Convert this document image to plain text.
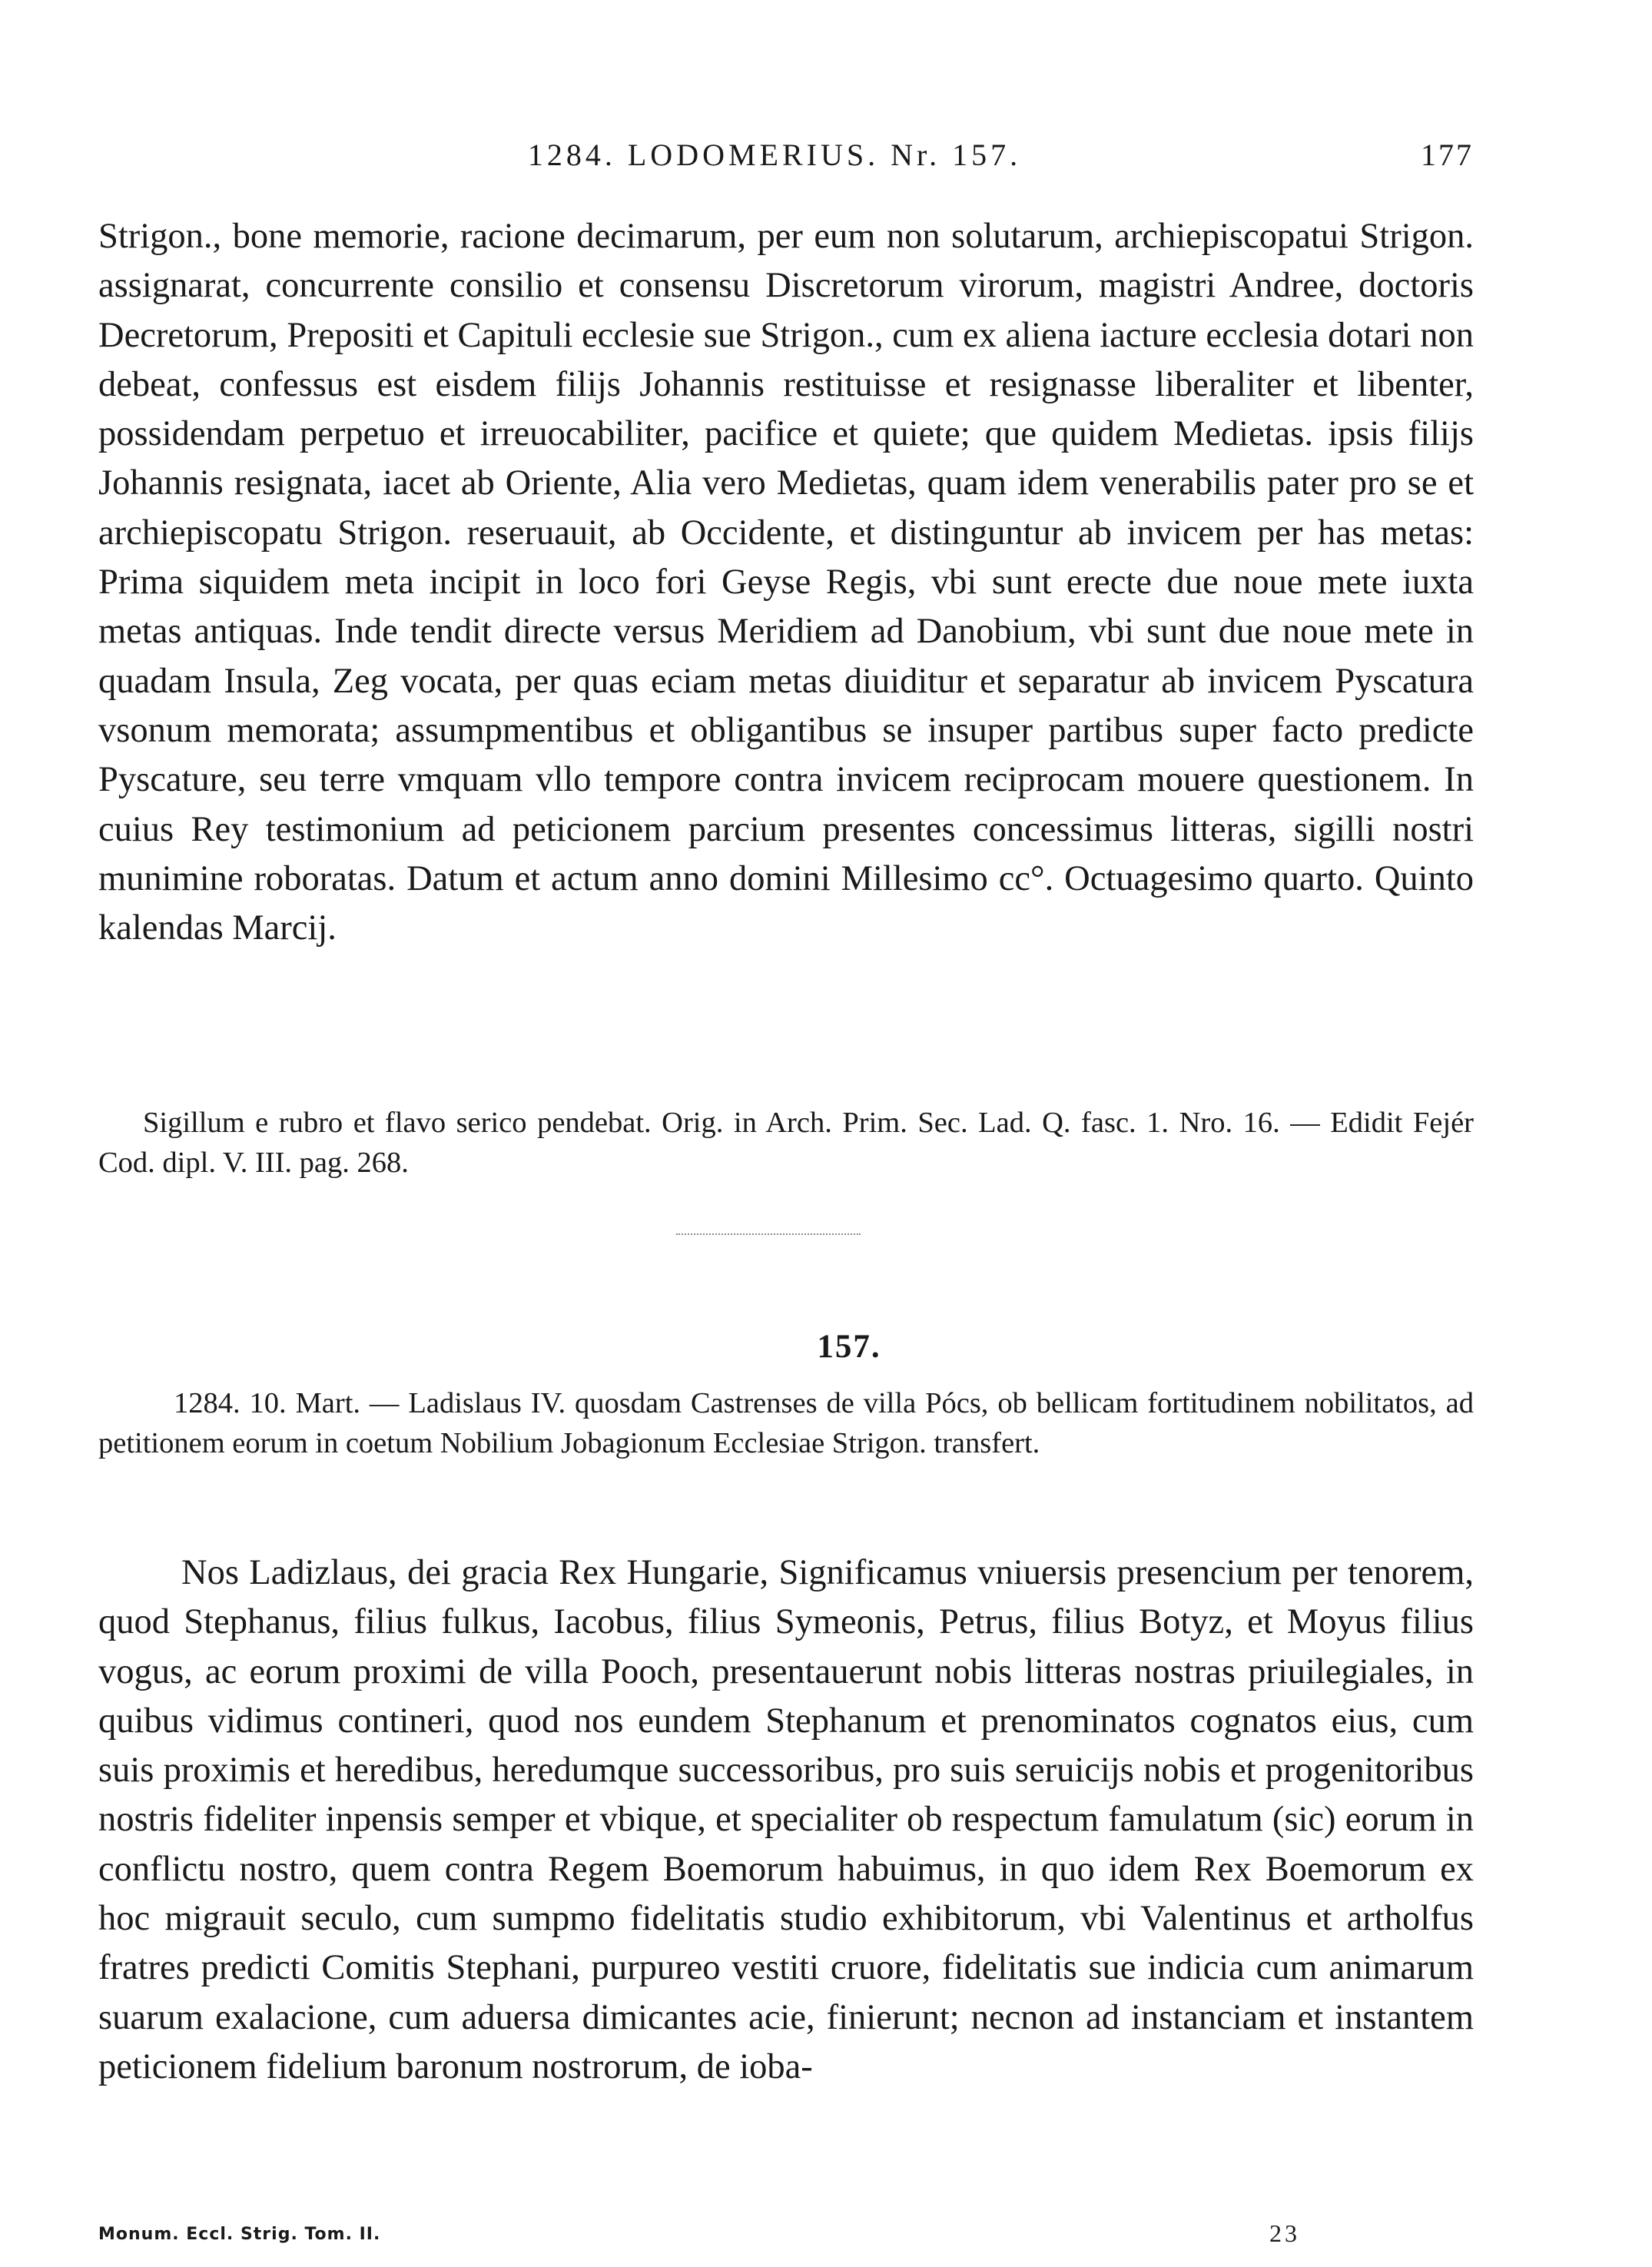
1284. LODOMERIUS. Nr. 157.	177

Strigon., bone memorie, racione decimarum, per eum non solutarum, archiepiscopatui Strigon. assignarat, concurrente consilio et consensu Discretorum virorum, magistri Andree, doctoris Decretorum, Prepositi et Capituli ecclesie sue Strigon., cum ex aliena iacture ecclesia dotari non debeat, confessus est eisdem filijs Johannis restituisse et resignasse liberaliter et libenter, possidendam perpetuo et irreuocabiliter, pacifice et quiete; que quidem Medietas. ipsis filijs Johannis resignata, iacet ab Oriente, Alia vero Medietas, quam idem venerabilis pater pro se et archiepiscopatu Strigon. reseruauit, ab Occidente, et distinguntur ab invicem per has metas: Prima siquidem meta incipit in loco fori Geyse Regis, vbi sunt erecte due noue mete iuxta metas antiquas. Inde tendit directe versus Meridiem ad Danobium, vbi sunt due noue mete in quadam Insula, Zeg vocata, per quas eciam metas diuiditur et separatur ab invicem Pyscatura vsonum memorata; assumpmentibus et obligantibus se insuper partibus super facto predicte Pyscature, seu terre vmquam vllo tempore contra invicem reciprocam mouere questionem. In cuius Rey testimonium ad peticionem parcium presentes concessimus litteras, sigilli nostri munimine roboratas. Datum et actum anno domini Millesimo cc°. Octuagesimo quarto. Quinto kalendas Marcij.

Sigillum e rubro et flavo serico pendebat. Orig. in Arch. Prim. Sec. Lad. Q. fasc. 1. Nro. 16. — Edidit Fejér Cod. dipl. V. III. pag. 268.
157.
1284. 10. Mart. — Ladislaus IV. quosdam Castrenses de villa Pócs, ob bellicam fortitudinem nobilitatos, ad petitionem eorum in coetum Nobilium Jobagionum Ecclesiae Strigon. transfert.

Nos Ladizlaus, dei gracia Rex Hungarie, Significamus vniuersis presencium per tenorem, quod Stephanus, filius fulkus, Iacobus, filius Symeonis, Petrus, filius Botyz, et Moyus filius vogus, ac eorum proximi de villa Pooch, presentauerunt nobis litteras nostras priuilegiales, in quibus vidimus contineri, quod nos eundem Stephanum et prenominatos cognatos eius, cum suis proximis et heredibus, heredumque successoribus, pro suis seruicijs nobis et progenitoribus nostris fideliter inpensis semper et vbique, et specialiter ob respectum famulatum (sic) eorum in conflictu nostro, quem contra Regem Boemorum habuimus, in quo idem Rex Boemorum ex hoc migrauit seculo, cum sumpmo fidelitatis studio exhibitorum, vbi Valentinus et artholfus fratres predicti Comitis Stephani, purpureo vestiti cruore, fidelitatis sue indicia cum animarum suarum exalacione, cum aduersa dimicantes acie, finierunt; necnon ad instanciam et instantem peticionem fidelium baronum nostrorum, de ioba-

Monum. Eccl. Strig. Tom. II.	23
